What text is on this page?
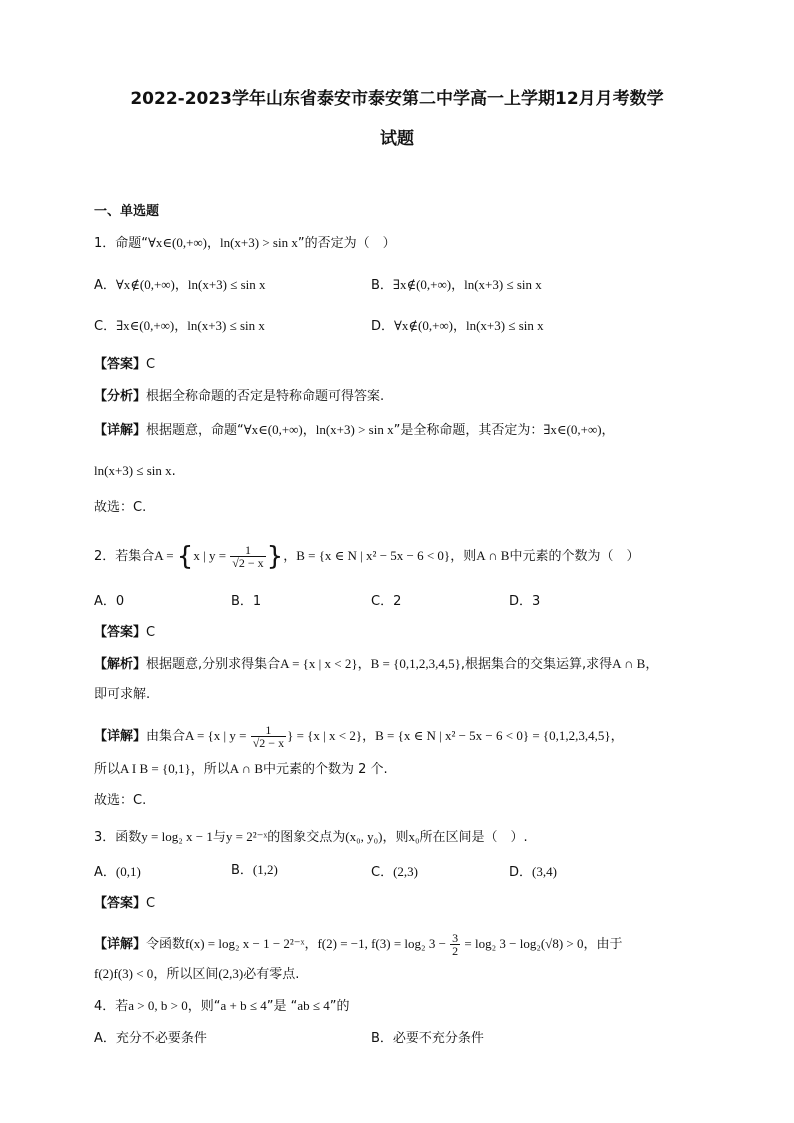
2022-2023学年山东省泰安市泰安第二中学高一上学期12月月考数学
试题
一、单选题
1．命题“∀x∈(0,+∞)，ln(x+3) > sin x”的否定为（　）
A．∀x∉(0,+∞)，ln(x+3) ≤ sin x	B．∃x∉(0,+∞)，ln(x+3) ≤ sin x
C．∃x∈(0,+∞)，ln(x+3) ≤ sin x	D．∀x∉(0,+∞)，ln(x+3) ≤ sin x
【答案】C
【分析】根据全称命题的否定是特称命题可得答案.
【详解】根据题意，命题“∀x∈(0,+∞)，ln(x+3) > sin x”是全称命题，其否定为：∃x∈(0,+∞)，
ln(x+3) ≤ sin x.
故选：C.
2．若集合A = {x | $y = \frac{1}{√2 - x}$ }，B = {x ∈ N | x² − 5x − 6 < 0}，则A ∩ B中元素的个数为（　）
A．0	B．1	C．2	D．3
【答案】C
【解析】根据题意,分别求得集合A = {x | x < 2}，B = {0,1,2,3,4,5},根据集合的交集运算,求得A ∩ B，
即可求解.
【详解】由集合A = {x | $y = \frac{1}{√2 - x}$ } = {x | x < 2}，B = {x ∈ N | x² − 5x − 6 < 0} = {0,1,2,3,4,5}，
所以A I B = {0,1}，所以A ∩ B中元素的个数为 2 个.
故选：C.
3．函数y = log₂ x − 1与y = 2²⁻ˣ的图象交点为(x₀, y₀)，则x₀所在区间是（　）.
A．(0,1)	B．(1,2)	C．(2,3)	D．(3,4)
【答案】C
【详解】令函数f(x) = log₂ x − 1 − 2²⁻ˣ，f(2) = −1, f(3) = log₂ $3 - \frac{3}{2} = \log_2$ 3 − log₂(√8) > 0，由于
f(2)f(3) < 0，所以区间(2,3)必有零点.
4．若a > 0, b > 0，则“a + b ≤ 4”是 “ab ≤ 4”的
A．充分不必要条件	B．必要不充分条件
